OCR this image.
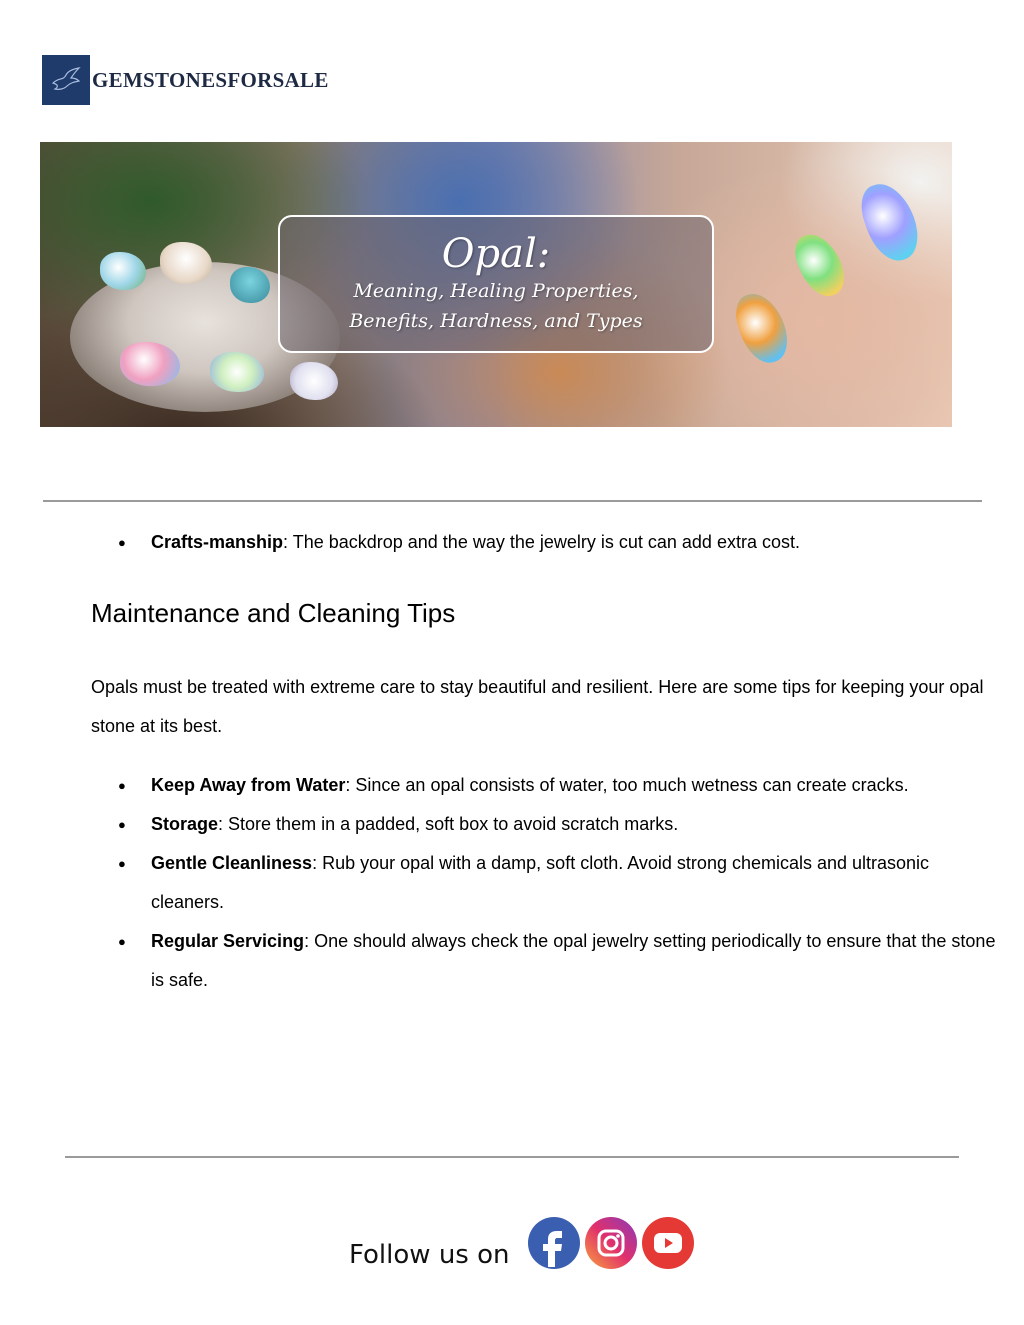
GEMSTONESFORSALE
Opal:
Meaning, Healing Properties,
Benefits, Hardness, and Types
● Crafts-manship: The backdrop and the way the jewelry is cut can add extra cost.
Maintenance and Cleaning Tips

Opals must be treated with extreme care to stay beautiful and resilient. Here are some tips for keeping your opal stone at its best.

● Keep Away from Water: Since an opal consists of water, too much wetness can create cracks.
● Storage: Store them in a padded, soft box to avoid scratch marks.
● Gentle Cleanliness: Rub your opal with a damp, soft cloth. Avoid strong chemicals and ultrasonic cleaners.
● Regular Servicing: One should always check the opal jewelry setting periodically to ensure that the stone is safe.
Follow us on
